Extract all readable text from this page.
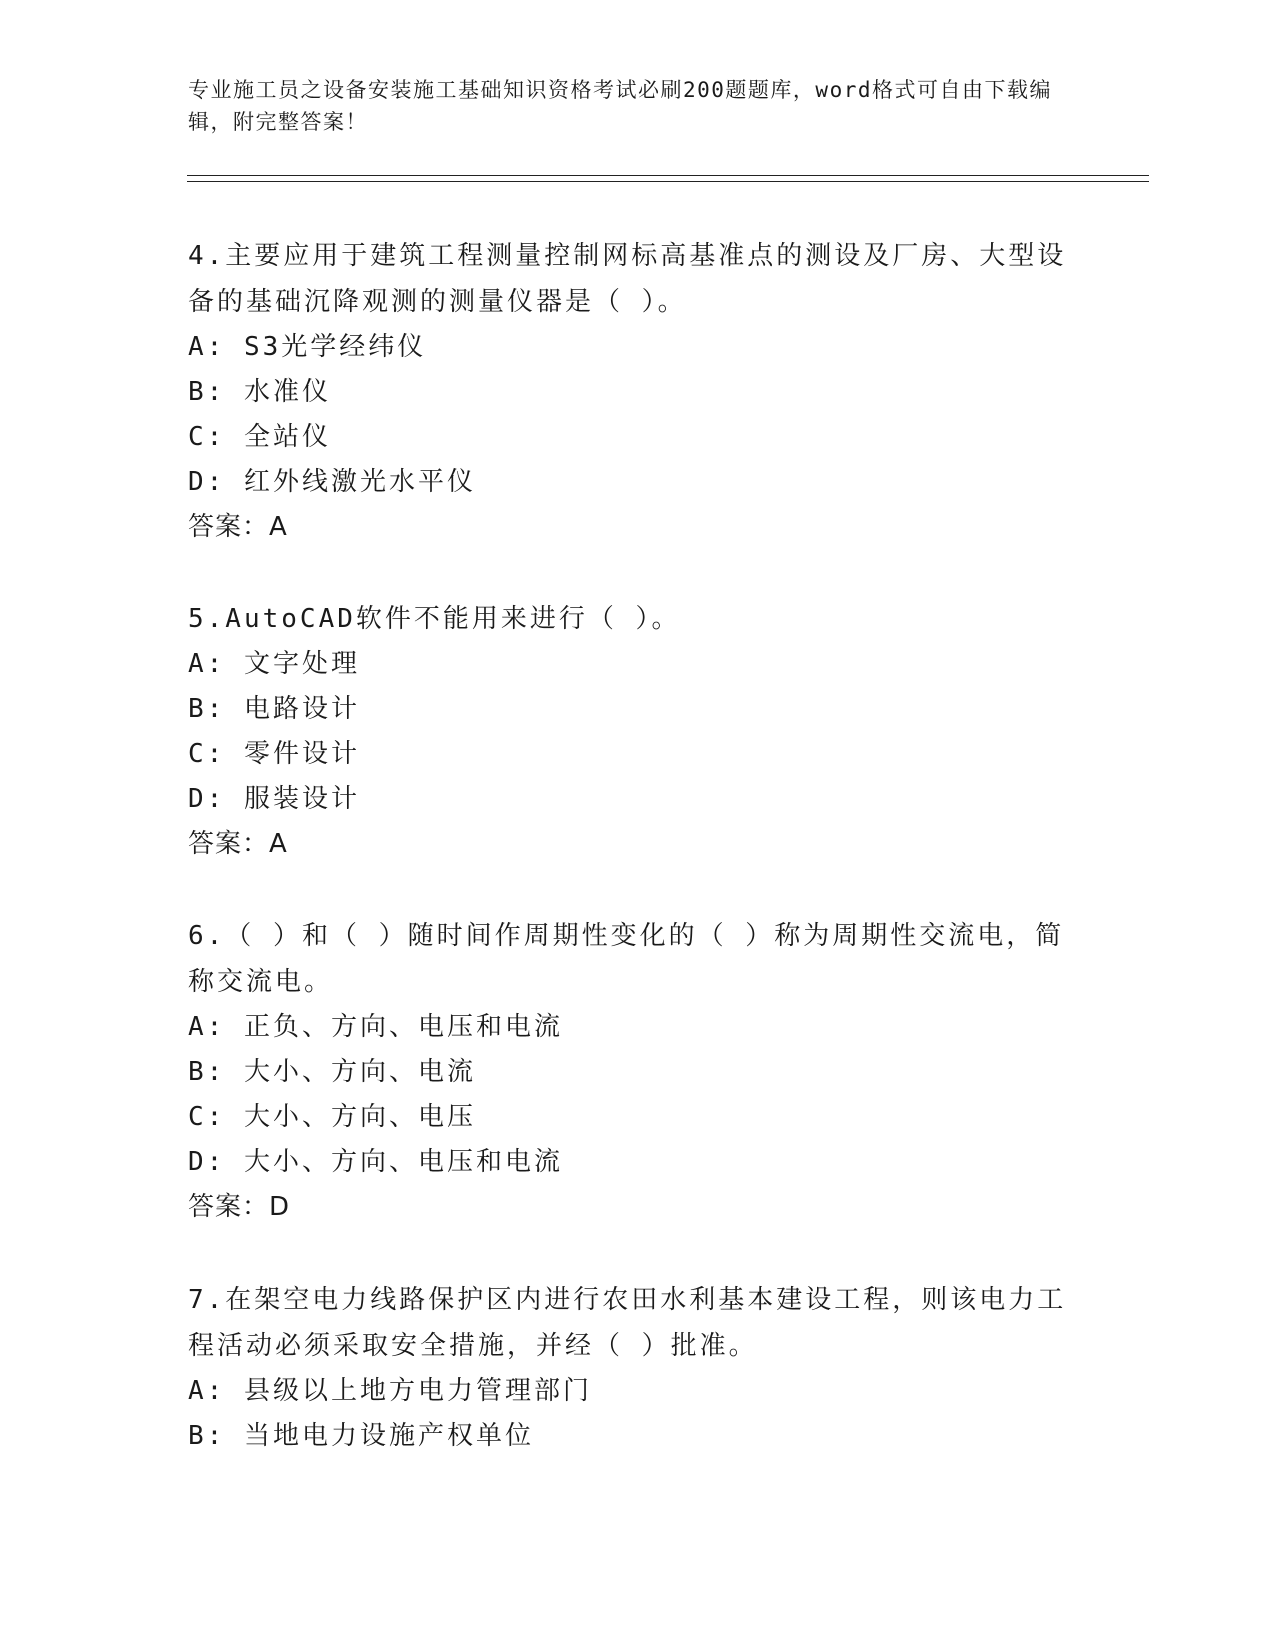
专业施工员之设备安装施工基础知识资格考试必刷200题题库，word格式可自由下载编辑，附完整答案！

4.主要应用于建筑工程测量控制网标高基准点的测设及厂房、大型设备的基础沉降观测的测量仪器是（ ）。

A: S3光学经纬仪

B: 水准仪

C: 全站仪

D: 红外线激光水平仪

答案：A

5.AutoCAD软件不能用来进行（ ）。

A: 文字处理

B: 电路设计

C: 零件设计

D: 服装设计

答案：A

6.（ ）和（ ）随时间作周期性变化的（ ）称为周期性交流电，简称交流电。

A: 正负、方向、电压和电流

B: 大小、方向、电流

C: 大小、方向、电压

D: 大小、方向、电压和电流

答案：D

7.在架空电力线路保护区内进行农田水利基本建设工程，则该电力工程活动必须采取安全措施，并经（ ）批准。

A: 县级以上地方电力管理部门

B: 当地电力设施产权单位
